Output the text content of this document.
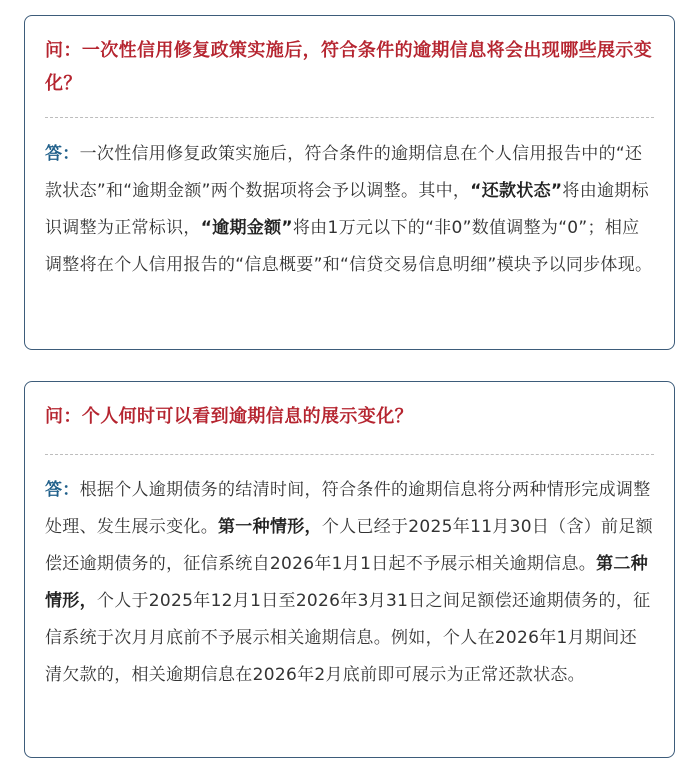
问：一次性信用修复政策实施后，符合条件的逾期信息将会出现哪些展示变化？
答：一次性信用修复政策实施后，符合条件的逾期信息在个人信用报告中的“还款状态”和“逾期金额”两个数据项将会予以调整。其中，“还款状态”将由逾期标识调整为正常标识，“逾期金额”将由1万元以下的“非0”数值调整为“0”；相应调整将在个人信用报告的“信息概要”和“信贷交易信息明细”模块予以同步体现。
问：个人何时可以看到逾期信息的展示变化？
答：根据个人逾期债务的结清时间，符合条件的逾期信息将分两种情形完成调整处理、发生展示变化。第一种情形，个人已经于2025年11月30日（含）前足额偿还逾期债务的，征信系统自2026年1月1日起不予展示相关逾期信息。第二种情形，个人于2025年12月1日至2026年3月31日之间足额偿还逾期债务的，征信系统于次月月底前不予展示相关逾期信息。例如，个人在2026年1月期间还清欠款的，相关逾期信息在2026年2月底前即可展示为正常还款状态。
